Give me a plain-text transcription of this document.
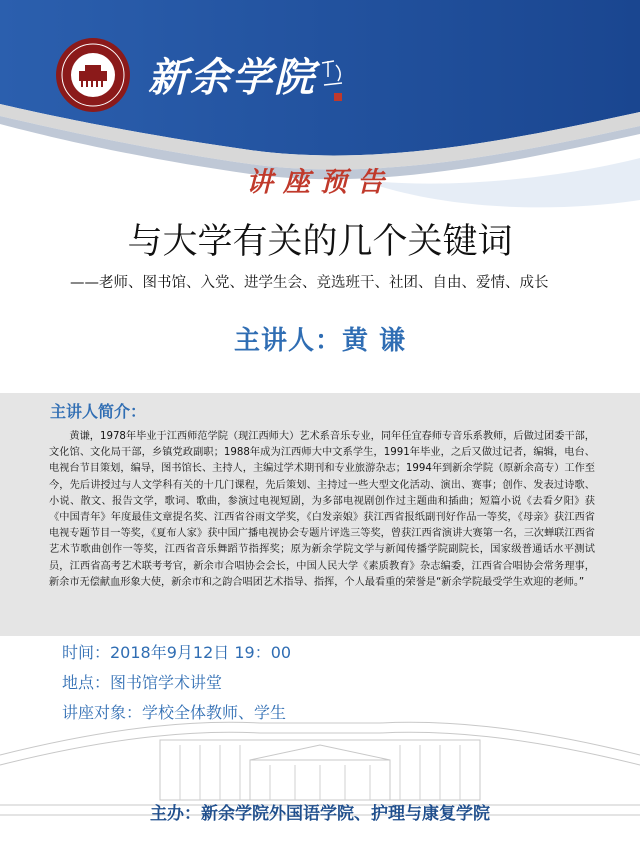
新余学院
讲座预告
与大学有关的几个关键词
——老师、图书馆、入党、进学生会、竞选班干、社团、自由、爱情、成长
主讲人：黄 谦
主讲人简介：

黄谦，1978年毕业于江西师范学院（现江西师大）艺术系音乐专业，同年任宜春师专音乐系教师，后做过团委干部，文化馆、文化局干部，乡镇党政副职；1988年成为江西师大中文系学生，1991年毕业，之后又做过记者，编辑，电台、电视台节目策划，编导，图书馆长、主持人，主编过学术期刊和专业旅游杂志；1994年到新余学院（原新余高专）工作至今，先后讲授过与人文学科有关的十几门课程，先后策划、主持过一些大型文化活动、演出、赛事；创作、发表过诗歌、小说、散文、报告文学，歌词、歌曲，参演过电视短剧，为多部电视剧创作过主题曲和插曲；短篇小说《去看夕阳》获《中国青年》年度最佳文章提名奖、江西省谷雨文学奖，《白发亲娘》获江西省报纸副刊好作品一等奖，《母亲》获江西省电视专题节目一等奖，《夏布人家》获中国广播电视协会专题片评选三等奖，曾获江西省演讲大赛第一名，三次蝉联江西省艺术节歌曲创作一等奖，江西省音乐舞蹈节指挥奖；原为新余学院文学与新闻传播学院副院长，国家级普通话水平测试员，江西省高考艺术联考考官，新余市合唱协会会长，中国人民大学《素质教育》杂志编委，江西省合唱协会常务理事，新余市无偿献血形象大使，新余市和之韵合唱团艺术指导、指挥，个人最看重的荣誉是“新余学院最受学生欢迎的老师。”

时间：2018年9月12日 19：00
地点：图书馆学术讲堂
讲座对象：学校全体教师、学生
主办：新余学院外国语学院、护理与康复学院
